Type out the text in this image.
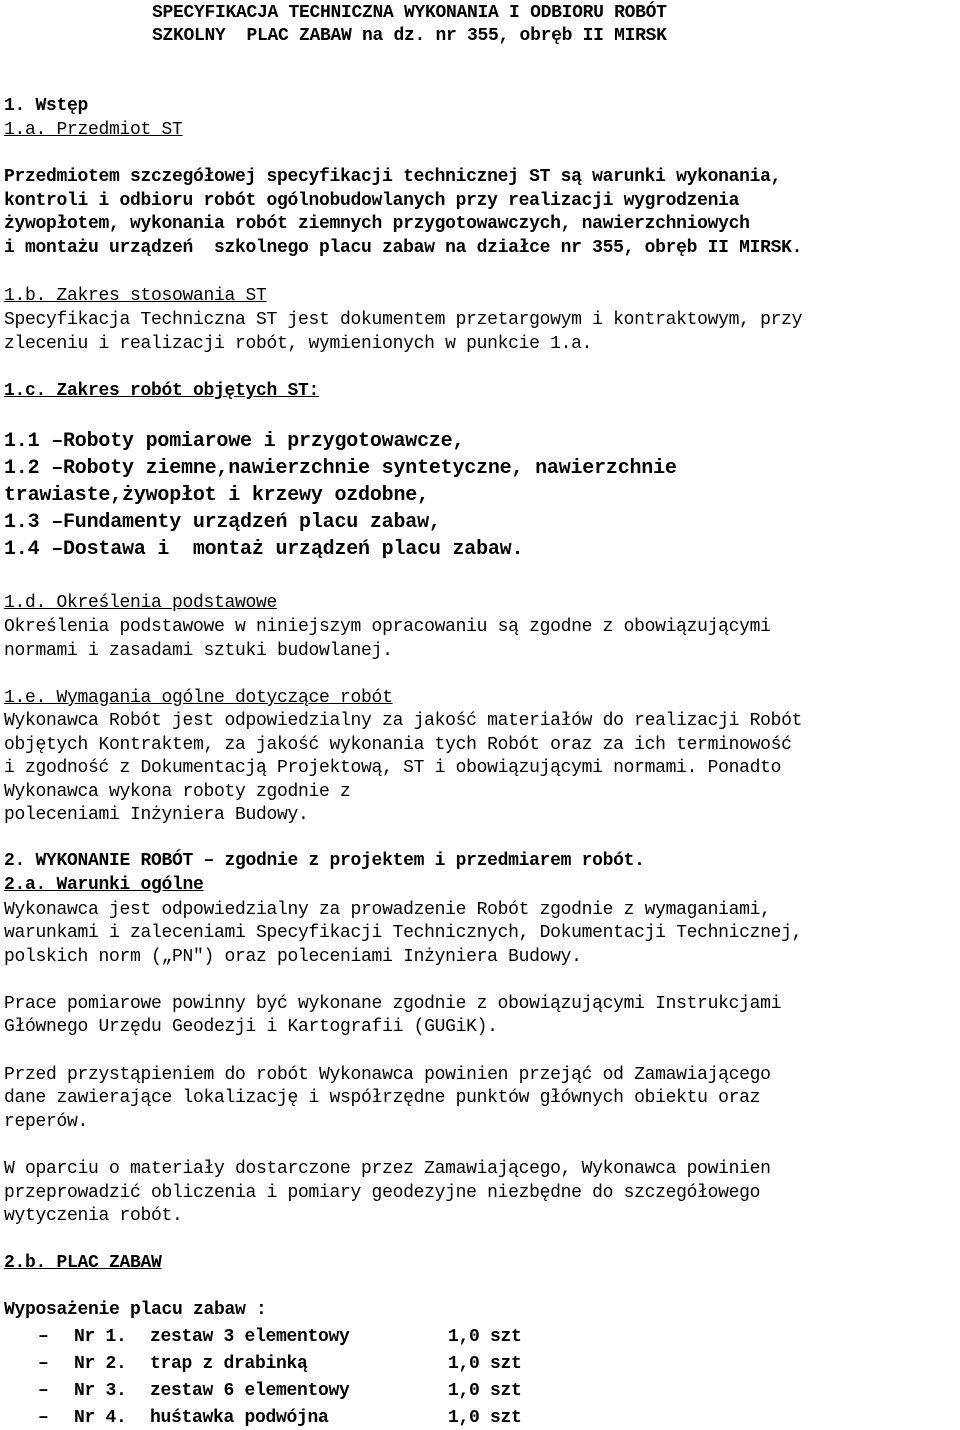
SPECYFIKACJA TECHNICZNA WYKONANIA I ODBIORU ROBÓT
SZKOLNY  PLAC ZABAW na dz. nr 355, obręb II MIRSK
1. Wstęp
1.a. Przedmiot ST
Przedmiotem szczegółowej specyfikacji technicznej ST są warunki wykonania,
kontroli i odbioru robót ogólnobudowlanych przy realizacji wygrodzenia
żywopłotem, wykonania robót ziemnych przygotowawczych, nawierzchniowych
i montażu urządzeń  szkolnego placu zabaw na działce nr 355, obręb II MIRSK.
1.b. Zakres stosowania ST
Specyfikacja Techniczna ST jest dokumentem przetargowym i kontraktowym, przy
zleceniu i realizacji robót, wymienionych w punkcie 1.a.
1.c. Zakres robót objętych ST:
1.1 –Roboty pomiarowe i przygotowawcze,
1.2 –Roboty ziemne,nawierzchnie syntetyczne, nawierzchnie
trawiaste,żywopłot i krzewy ozdobne,
1.3 –Fundamenty urządzeń placu zabaw,
1.4 –Dostawa i  montaż urządzeń placu zabaw.
1.d. Określenia podstawowe
Określenia podstawowe w niniejszym opracowaniu są zgodne z obowiązującymi
normami i zasadami sztuki budowlanej.
1.e. Wymagania ogólne dotyczące robót
Wykonawca Robót jest odpowiedzialny za jakość materiałów do realizacji Robót
objętych Kontraktem, za jakość wykonania tych Robót oraz za ich terminowość
i zgodność z Dokumentacją Projektową, ST i obowiązującymi normami. Ponadto
Wykonawca wykona roboty zgodnie z
poleceniami Inżyniera Budowy.
2. WYKONANIE ROBÓT – zgodnie z projektem i przedmiarem robót.
2.a. Warunki ogólne
Wykonawca jest odpowiedzialny za prowadzenie Robót zgodnie z wymaganiami,
warunkami i zaleceniami Specyfikacji Technicznych, Dokumentacji Technicznej,
polskich norm („PN") oraz poleceniami Inżyniera Budowy.
Prace pomiarowe powinny być wykonane zgodnie z obowiązującymi Instrukcjami
Głównego Urzędu Geodezji i Kartografii (GUGiK).
Przed przystąpieniem do robót Wykonawca powinien przejąć od Zamawiającego
dane zawierające lokalizację i współrzędne punktów głównych obiektu oraz
reperów.
W oparciu o materiały dostarczone przez Zamawiającego, Wykonawca powinien
przeprowadzić obliczenia i pomiary geodezyjne niezbędne do szczegółowego
wytyczenia robót.
2.b. PLAC ZABAW
Wyposażenie placu zabaw :
– Nr 1. zestaw 3 elementowy	1,0 szt
– Nr 2. trap z drabinką	1,0 szt
– Nr 3. zestaw 6 elementowy	1,0 szt
– Nr 4. huśtawka podwójna	1,0 szt
